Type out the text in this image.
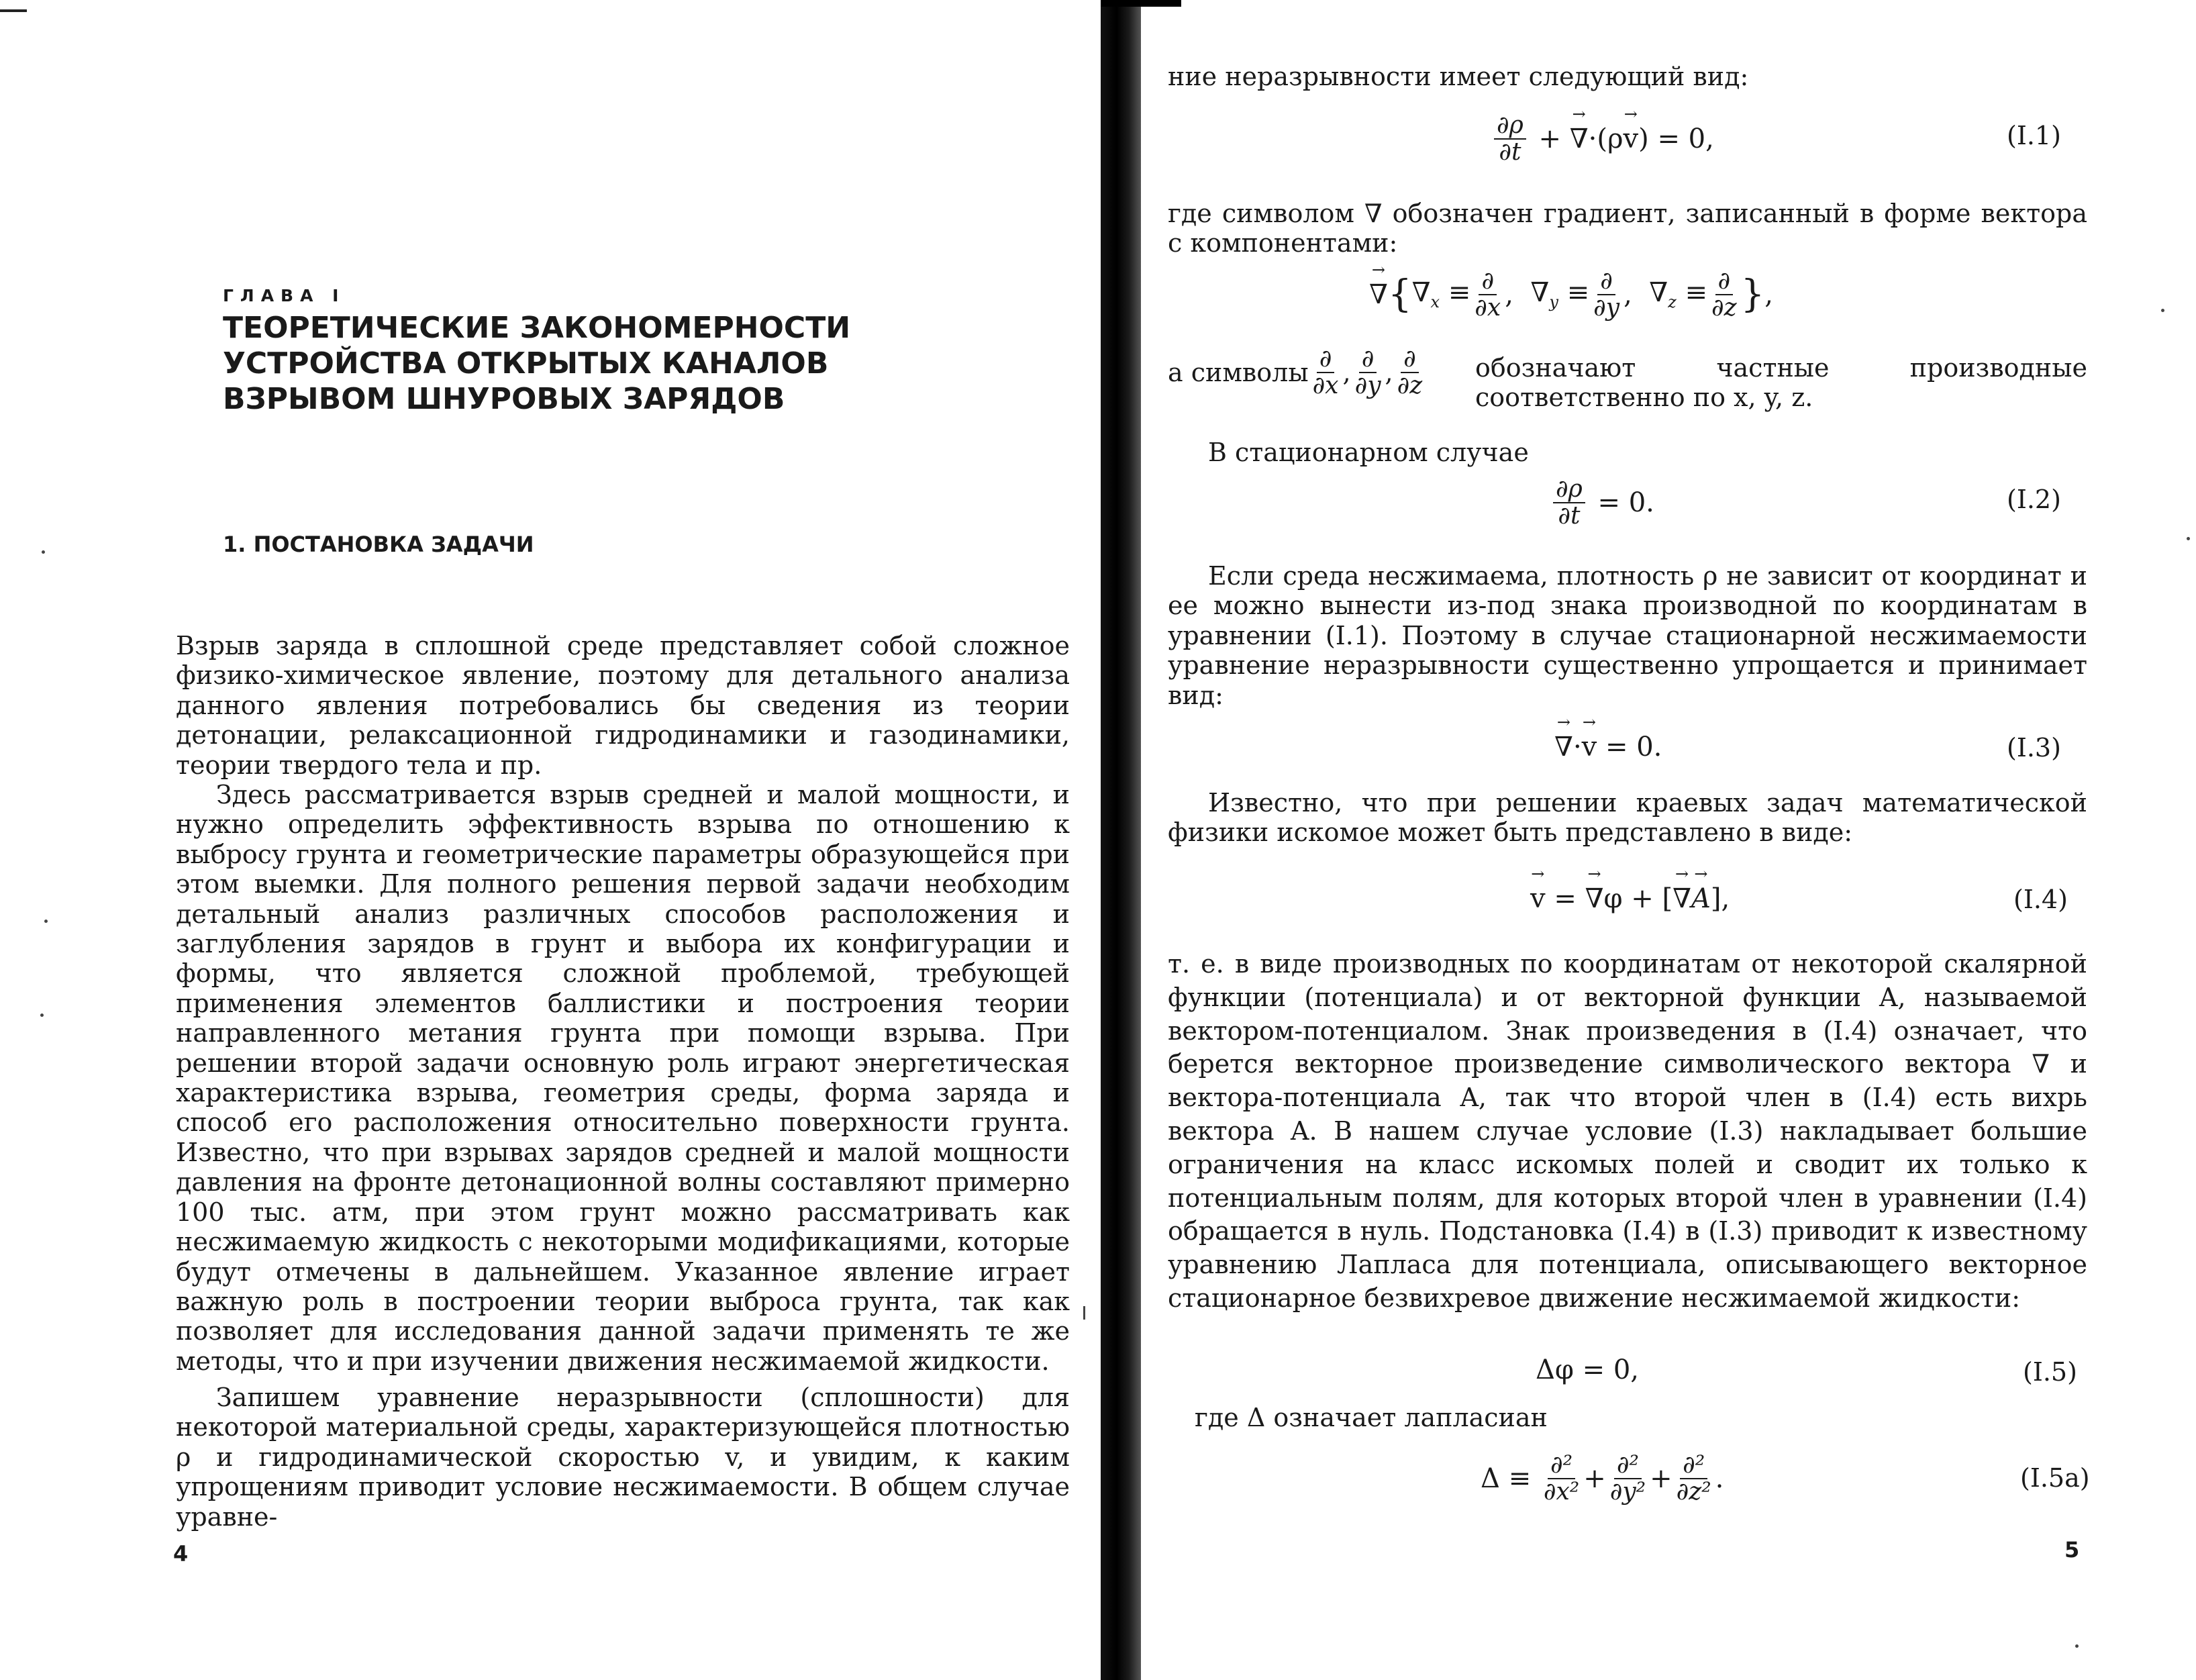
ГЛАВА I
ТЕОРЕТИЧЕСКИЕ ЗАКОНОМЕРНОСТИ
УСТРОЙСТВА ОТКРЫТЫХ КАНАЛОВ
ВЗРЫВОМ ШНУРОВЫХ ЗАРЯДОВ
1. ПОСТАНОВКА ЗАДАЧИ

Взрыв заряда в сплошной среде представляет собой сложное физико-химическое явление, поэтому для детального анализа данного явления потребовались бы сведения из теории детонации, релаксационной гидродинамики и газодинамики, теории твердого тела и пр.

Здесь рассматривается взрыв средней и малой мощности, и нужно определить эффективность взрыва по отношению к выбросу грунта и геометрические параметры образующейся при этом выемки. Для полного решения первой задачи необходим детальный анализ различных способов расположения и заглубления зарядов в грунт и выбора их конфигурации и формы, что является сложной проблемой, требующей применения элементов баллистики и построения теории направленного метания грунта при помощи взрыва. При решении второй задачи основную роль играют энергетическая характеристика взрыва, геометрия среды, форма заряда и способ его расположения относительно поверхности грунта. Известно, что при взрывах зарядов средней и малой мощности давления на фронте детонационной волны составляют примерно 100 тыс. атм, при этом грунт можно рассматривать как несжимаемую жидкость с некоторыми модификациями, которые будут отмечены в дальнейшем. Указанное явление играет важную роль в построении теории выброса грунта, так как позволяет для исследования данной задачи применять те же методы, что и при изучении движения несжимаемой жидкости.

Запишем уравнение неразрывности (сплошности) для некоторой материальной среды, характеризующейся плотностью ρ и гидродинамической скоростью v, и увидим, к каким упрощениям приводит условие несжимаемости. В общем случае уравне-

4
ние неразрывности имеет следующий вид:
$\frac{\partial\rho}{\partial t}$ + → ∇ ·(ρ → v ) = 0,	(I.1)

где символом ∇ обозначен градиент, записанный в форме вектора с компонентами:

→ ∇ { $\nabla_x \equiv \frac{\partial}{\partial x}$ , $\nabla_y \equiv \frac{\partial}{\partial y}$ , $\nabla_z \equiv \frac{\partial}{\partial z}$ } ,
а символы $\frac{\partial}{\partial x}$ , $\frac{\partial}{\partial y}$ , $\frac{\partial}{\partial z}$ обозначают частные производные соответственно по x, y, z.

В стационарном случае
$\frac{\partial\rho}{\partial t} = 0$.	(I.2)

Если среда несжимаема, плотность ρ не зависит от координат и ее можно вынести из-под знака производной по координатам в уравнении (I.1). Поэтому в случае стационарной несжимаемости уравнение неразрывности существенно упрощается и принимает вид:

→ ∇ · → v = 0.	(I.3)

Известно, что при решении краевых задач математической физики искомое может быть представлено в виде:

→ v = → ∇ φ + [ → ∇ → A ],	(I.4)

т. е. в виде производных по координатам от некоторой скалярной функции (потенциала) и от векторной функции A, называемой вектором-потенциалом. Знак произведения в (I.4) означает, что берется векторное произведение символического вектора ∇ и вектора-потенциала A, так что второй член в (I.4) есть вихрь вектора A. В нашем случае условие (I.3) накладывает большие ограничения на класс искомых полей и сводит их только к потенциальным полям, для которых второй член в уравнении (I.4) обращается в нуль. Подстановка (I.4) в (I.3) приводит к известному уравнению Лапласа для потенциала, описывающего векторное стационарное безвихревое движение несжимаемой жидкости:

Δφ = 0,	(I.5)
где Δ означает лапласиан
$\Delta \equiv \frac{\text{∂²}}{\text{∂x²}} + \frac{\text{∂²}}{\text{∂y²}} + \frac{\text{∂²}}{\text{∂z²}}$ .	(I.5a)
5
